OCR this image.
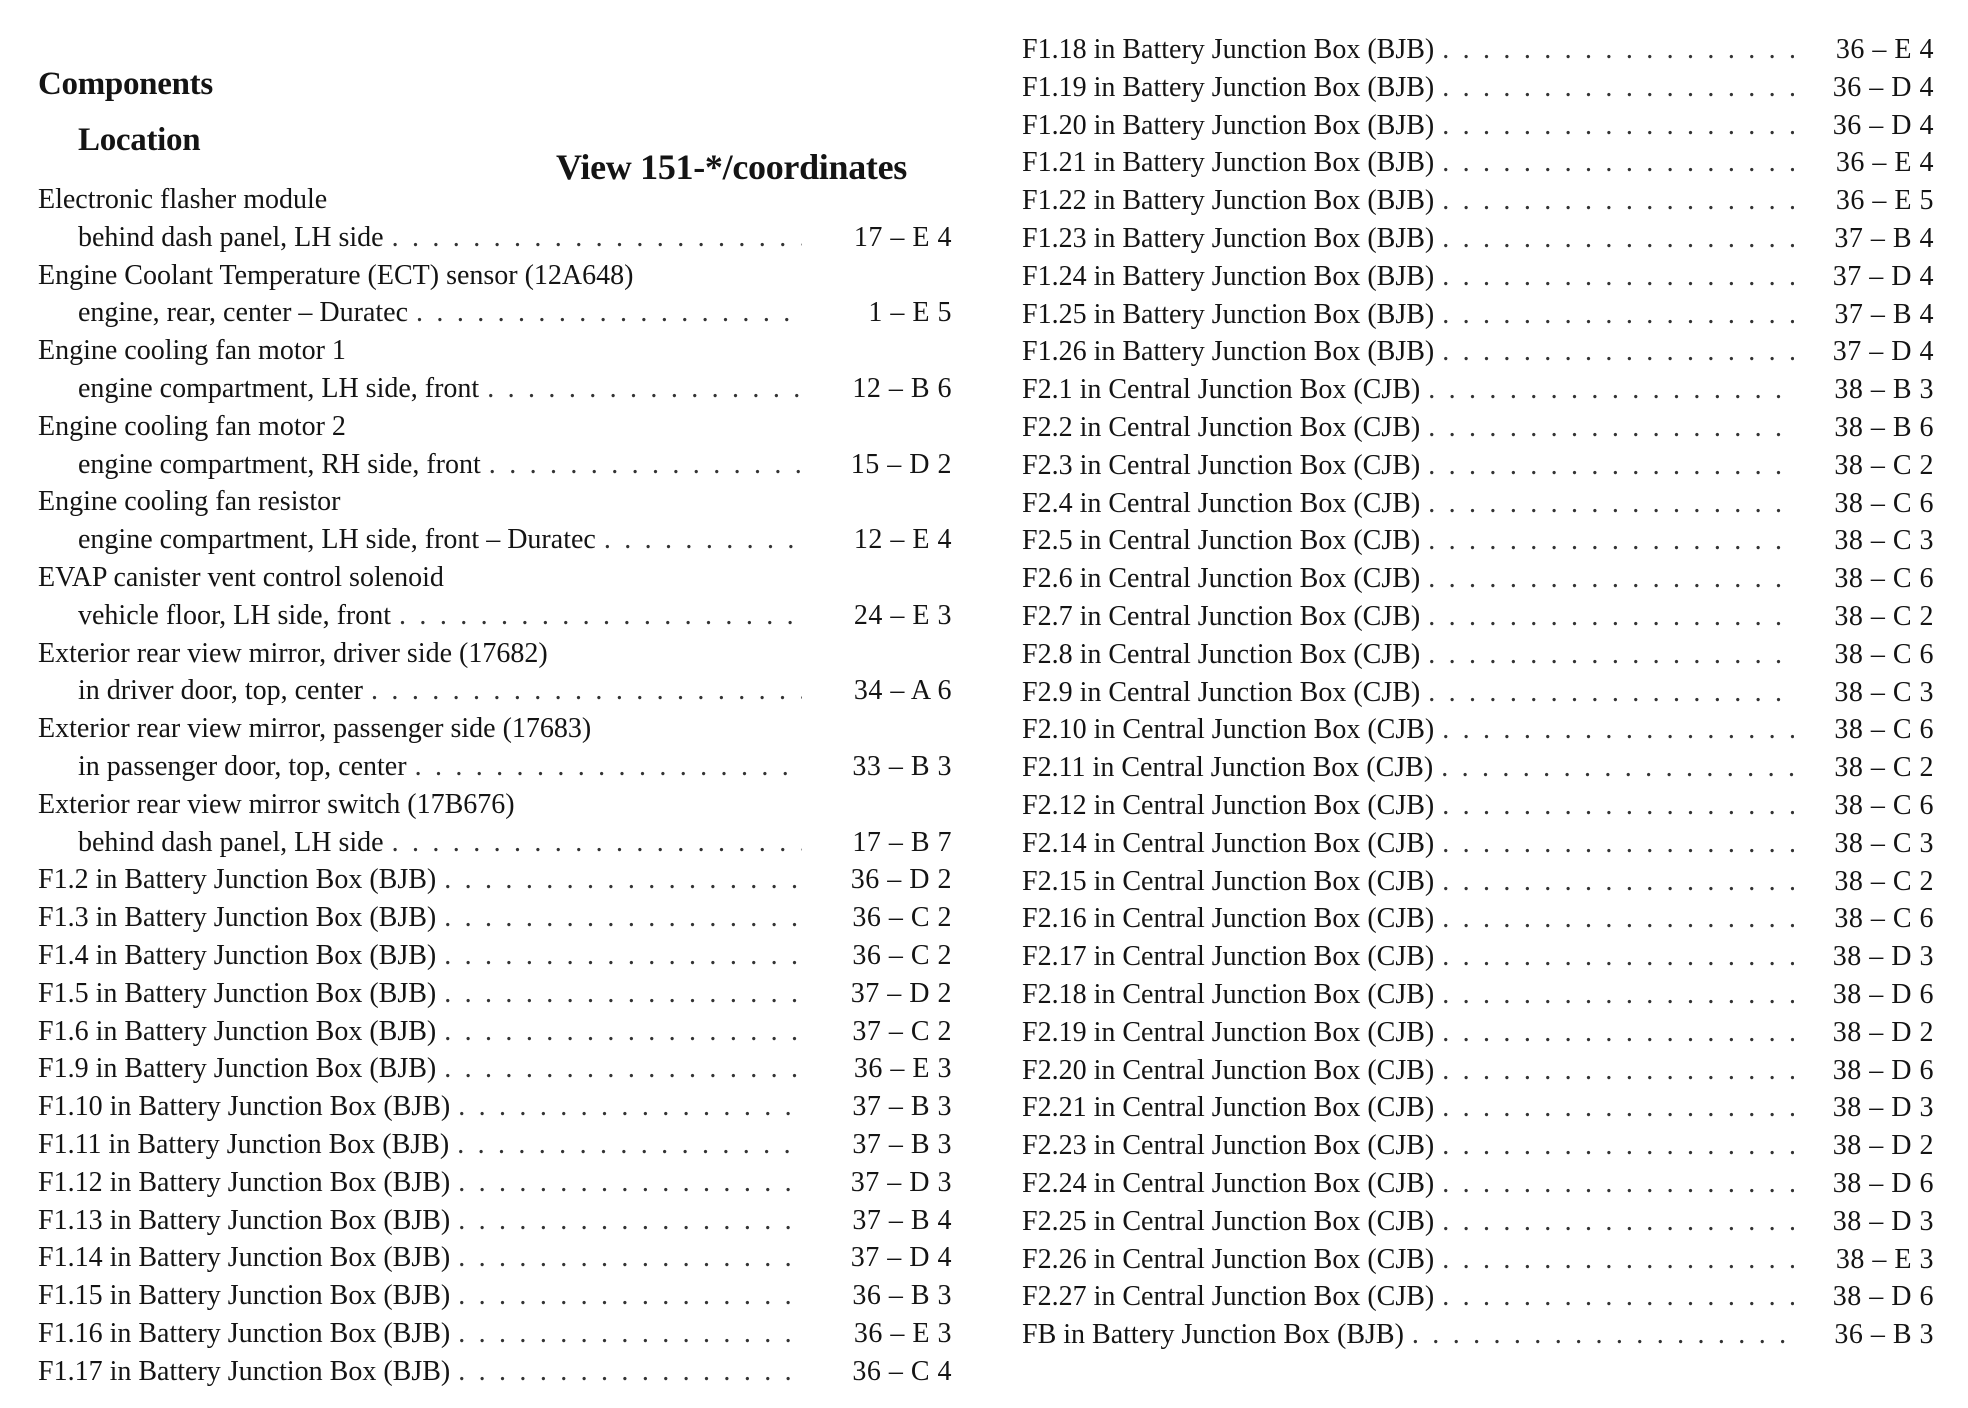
Components
Location
View 151-*/coordinates
Electronic flasher module
behind dash panel, LH side . . .	17 – E 4
Engine Coolant Temperature (ECT) sensor (12A648)
engine, rear, center – Duratec . . .	1 – E 5
Engine cooling fan motor 1
engine compartment, LH side, front . . .	12 – B 6
Engine cooling fan motor 2
engine compartment, RH side, front . . .	15 – D 2
Engine cooling fan resistor
engine compartment, LH side, front – Duratec . . .	12 – E 4
EVAP canister vent control solenoid
vehicle floor, LH side, front . . .	24 – E 3
Exterior rear view mirror, driver side (17682)
in driver door, top, center . . .	34 – A 6
Exterior rear view mirror, passenger side (17683)
in passenger door, top, center . . .	33 – B 3
Exterior rear view mirror switch (17B676)
behind dash panel, LH side . . .	17 – B 7
F1.2 in Battery Junction Box (BJB) . . .	36 – D 2
F1.3 in Battery Junction Box (BJB) . . .	36 – C 2
F1.4 in Battery Junction Box (BJB) . . .	36 – C 2
F1.5 in Battery Junction Box (BJB) . . .	37 – D 2
F1.6 in Battery Junction Box (BJB) . . .	37 – C 2
F1.9 in Battery Junction Box (BJB) . . .	36 – E 3
F1.10 in Battery Junction Box (BJB) . . .	37 – B 3
F1.11 in Battery Junction Box (BJB) . . .	37 – B 3
F1.12 in Battery Junction Box (BJB) . . .	37 – D 3
F1.13 in Battery Junction Box (BJB) . . .	37 – B 4
F1.14 in Battery Junction Box (BJB) . . .	37 – D 4
F1.15 in Battery Junction Box (BJB) . . .	36 – B 3
F1.16 in Battery Junction Box (BJB) . . .	36 – E 3
F1.17 in Battery Junction Box (BJB) . . .	36 – C 4
F1.18 in Battery Junction Box (BJB) . . .	36 – E 4
F1.19 in Battery Junction Box (BJB) . . .	36 – D 4
F1.20 in Battery Junction Box (BJB) . . .	36 – D 4
F1.21 in Battery Junction Box (BJB) . . .	36 – E 4
F1.22 in Battery Junction Box (BJB) . . .	36 – E 5
F1.23 in Battery Junction Box (BJB) . . .	37 – B 4
F1.24 in Battery Junction Box (BJB) . . .	37 – D 4
F1.25 in Battery Junction Box (BJB) . . .	37 – B 4
F1.26 in Battery Junction Box (BJB) . . .	37 – D 4
F2.1 in Central Junction Box (CJB) . . .	38 – B 3
F2.2 in Central Junction Box (CJB) . . .	38 – B 6
F2.3 in Central Junction Box (CJB) . . .	38 – C 2
F2.4 in Central Junction Box (CJB) . . .	38 – C 6
F2.5 in Central Junction Box (CJB) . . .	38 – C 3
F2.6 in Central Junction Box (CJB) . . .	38 – C 6
F2.7 in Central Junction Box (CJB) . . .	38 – C 2
F2.8 in Central Junction Box (CJB) . . .	38 – C 6
F2.9 in Central Junction Box (CJB) . . .	38 – C 3
F2.10 in Central Junction Box (CJB) . . .	38 – C 6
F2.11 in Central Junction Box (CJB) . . .	38 – C 2
F2.12 in Central Junction Box (CJB) . . .	38 – C 6
F2.14 in Central Junction Box (CJB) . . .	38 – C 3
F2.15 in Central Junction Box (CJB) . . .	38 – C 2
F2.16 in Central Junction Box (CJB) . . .	38 – C 6
F2.17 in Central Junction Box (CJB) . . .	38 – D 3
F2.18 in Central Junction Box (CJB) . . .	38 – D 6
F2.19 in Central Junction Box (CJB) . . .	38 – D 2
F2.20 in Central Junction Box (CJB) . . .	38 – D 6
F2.21 in Central Junction Box (CJB) . . .	38 – D 3
F2.23 in Central Junction Box (CJB) . . .	38 – D 2
F2.24 in Central Junction Box (CJB) . . .	38 – D 6
F2.25 in Central Junction Box (CJB) . . .	38 – D 3
F2.26 in Central Junction Box (CJB) . . .	38 – E 3
F2.27 in Central Junction Box (CJB) . . .	38 – D 6
FB in Battery Junction Box (BJB) . . .	36 – B 3
